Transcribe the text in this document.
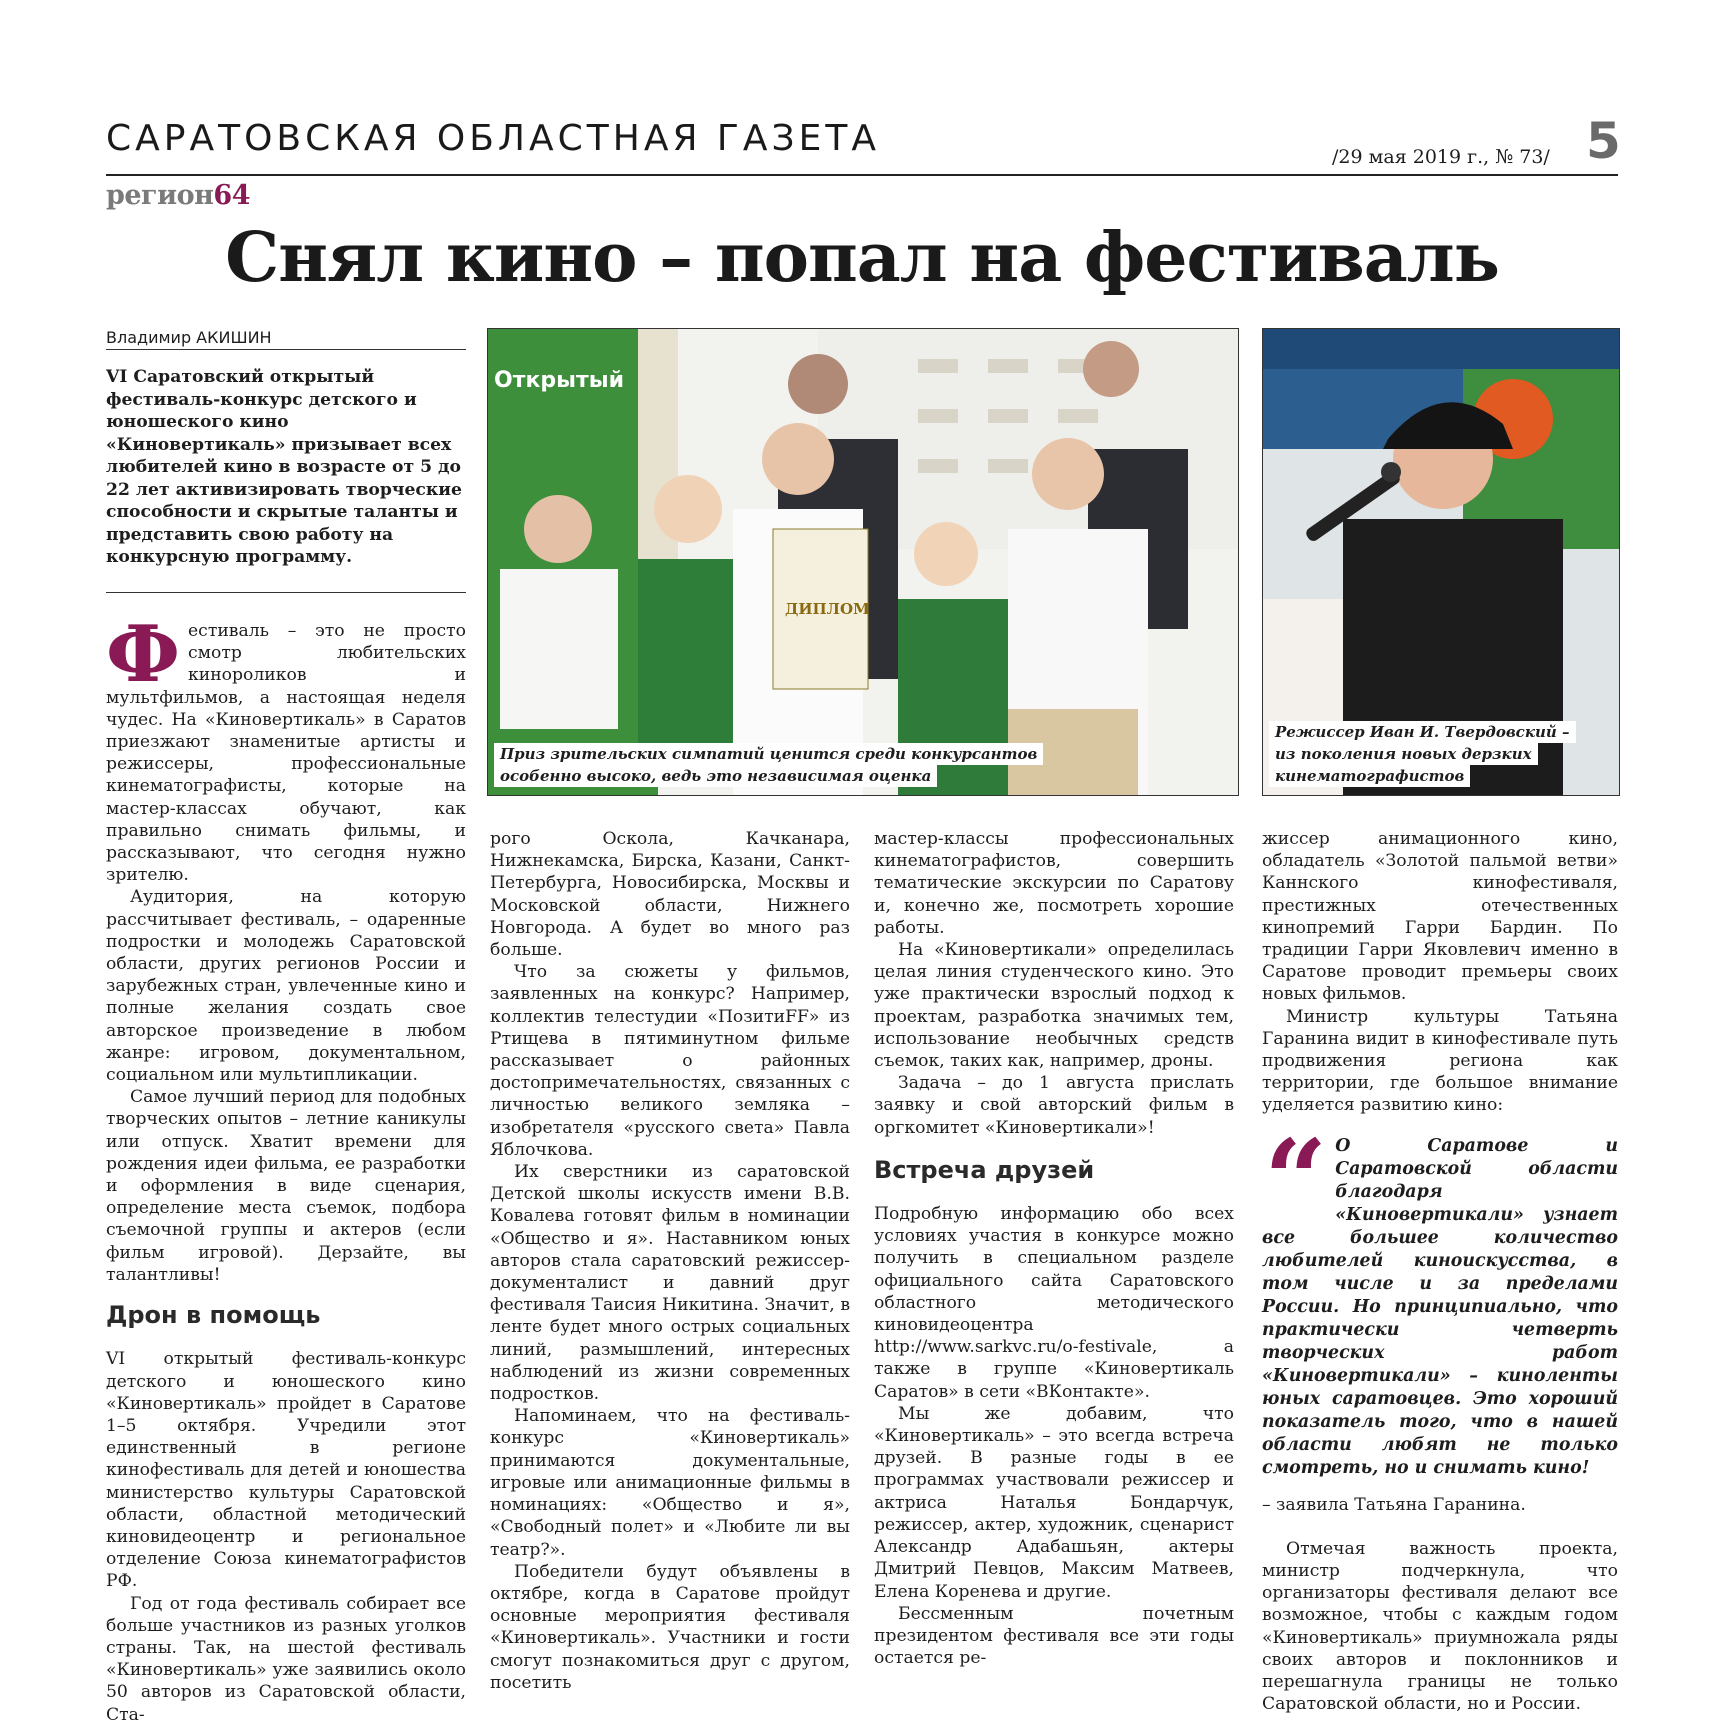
САРАТОВСКАЯ ОБЛАСТНАЯ ГАЗЕТА	/29 мая 2019 г., № 73/ 5
регион64
Снял кино – попал на фестиваль
Владимир АКИШИН
VI Саратовский открытый фестиваль-конкурс детского и юношеского кино «Киновертикаль» призывает всех любителей кино в возрасте от 5 до 22 лет активизировать творческие способности и скрытые таланты и представить свою работу на конкурсную программу.

Фестиваль – это не просто смотр любительских кинороликов и мультфильмов, а настоящая неделя чудес. На «Киновертикаль» в Саратов приезжают знаменитые артисты и режиссеры, профессиональные кинематографисты, которые на мастер-классах обучают, как правильно снимать фильмы, и рассказывают, что сегодня нужно зрителю.

Аудитория, на которую рассчитывает фестиваль, – одаренные подростки и молодежь Саратовской области, других регионов России и зарубежных стран, увлеченные кино и полные желания создать свое авторское произведение в любом жанре: игровом, документальном, социальном или мультипликации.

Самое лучший период для подобных творческих опытов – летние каникулы или отпуск. Хватит времени для рождения идеи фильма, ее разработки и оформления в виде сценария, определение места съемок, подбора съемочной группы и актеров (если фильм игровой). Дерзайте, вы талантливы!

Дрон в помощь

VI открытый фестиваль-конкурс детского и юношеского кино «Киновертикаль» пройдет в Саратове 1–5 октября. Учредили этот единственный в регионе кинофестиваль для детей и юношества министерство культуры Саратовской области, областной методический киновидеоцентр и региональное отделение Союза кинематографистов РФ.

Год от года фестиваль собирает все больше участников из разных уголков страны. Так, на шестой фестиваль «Киновертикаль» уже заявились около 50 авторов из Саратовской области, Ста-

Открытый
ДИПЛОМ
Приз зрительских симпатий ценится среди конкурсантов
особенно высоко, ведь это независимая оценка
Режиссер Иван И. Твердовский –
из поколения новых дерзких
кинематографистов

рого Оскола, Качканара, Нижнекамска, Бирска, Казани, Санкт-Петербурга, Новосибирска, Москвы и Московской области, Нижнего Новгорода. А будет во много раз больше.

Что за сюжеты у фильмов, заявленных на конкурс? Например, коллектив телестудии «ПозитиFF» из Ртищева в пятиминутном фильме рассказывает о районных достопримечательностях, связанных с личностью великого земляка – изобретателя «русского света» Павла Яблочкова.

Их сверстники из саратовской Детской школы искусств имени В.В. Ковалева готовят фильм в номинации «Общество и я». Наставником юных авторов стала саратовский режиссер-документалист и давний друг фестиваля Таисия Никитина. Значит, в ленте будет много острых социальных линий, размышлений, интересных наблюдений из жизни современных подростков.

Напоминаем, что на фестиваль-конкурс «Киновертикаль» принимаются документальные, игровые или анимационные фильмы в номинациях: «Общество и я», «Свободный полет» и «Любите ли вы театр?».

Победители будут объявлены в октябре, когда в Саратове пройдут основные мероприятия фестиваля «Киновертикаль». Участники и гости смогут познакомиться друг с другом, посетить

мастер-классы профессиональных кинематографистов, совершить тематические экскурсии по Саратову и, конечно же, посмотреть хорошие работы.

На «Киновертикали» определилась целая линия студенческого кино. Это уже практически взрослый подход к проектам, разработка значимых тем, использование необычных средств съемок, таких как, например, дроны.

Задача – до 1 августа прислать заявку и свой авторский фильм в оргкомитет «Киновертикали»!

Встреча друзей

Подробную информацию обо всех условиях участия в конкурсе можно получить в специальном разделе официального сайта Саратовского областного методического киновидеоцентра http://www.sarkvc.ru/o-festivale, а также в группе «Киновертикаль Саратов» в сети «ВКонтакте».

Мы же добавим, что «Киновертикаль» – это всегда встреча друзей. В разные годы в ее программах участвовали режиссер и актриса Наталья Бондарчук, режиссер, актер, художник, сценарист Александр Адабашьян, актеры Дмитрий Певцов, Максим Матвеев, Елена Коренева и другие.

Бессменным почетным президентом фестиваля все эти годы остается ре-

жиссер анимационного кино, обладатель «Золотой пальмой ветви» Каннского кинофестиваля, престижных отечественных кинопремий Гарри Бардин. По традиции Гарри Яковлевич именно в Саратове проводит премьеры своих новых фильмов.

Министр культуры Татьяна Гаранина видит в кинофестивале путь продвижения региона как территории, где большое внимание уделяется развитию кино:

“ О Саратове и Саратовской области благодаря «Киновертикали» узнает все большее количество любителей киноискусства, в том числе и за пределами России. Но принципиально, что практически четверть творческих работ «Киновертикали» – киноленты юных саратовцев. Это хороший показатель того, что в нашей области любят не только смотреть, но и снимать кино!

– заявила Татьяна Гаранина.

Отмечая важность проекта, министр подчеркнула, что организаторы фестиваля делают все возможное, чтобы с каждым годом «Киновертикаль» приумножала ряды своих авторов и поклонников и перешагнула границы не только Саратовской области, но и России.
